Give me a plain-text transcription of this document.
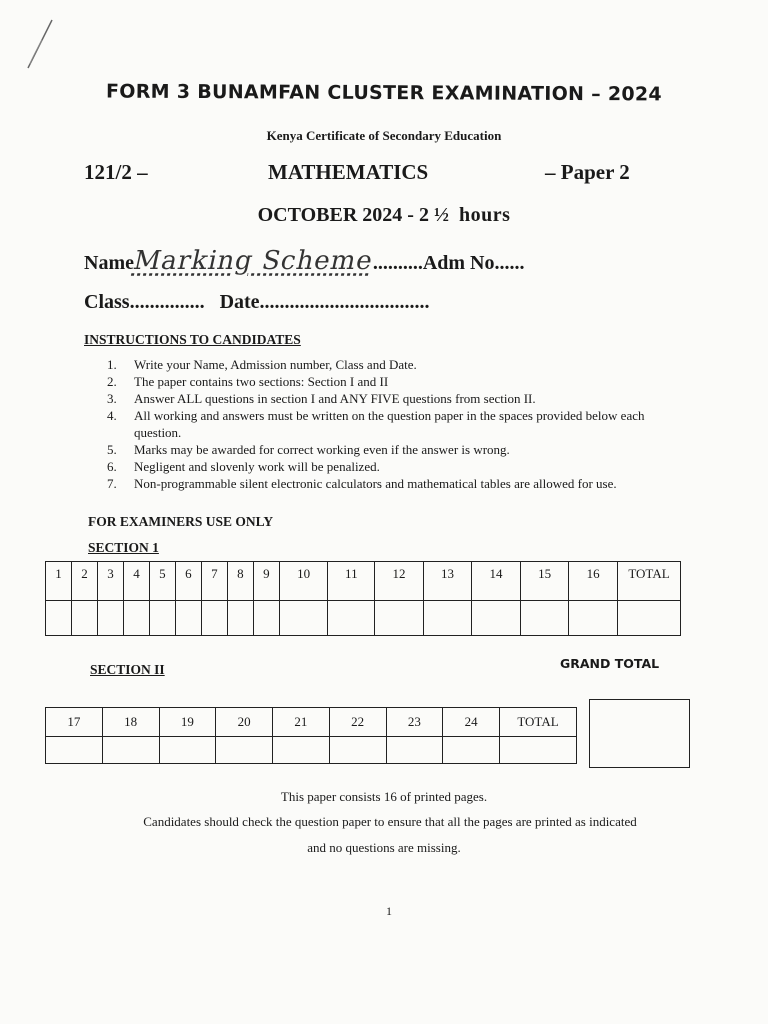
FORM 3 BUNAMFAN CLUSTER EXAMINATION – 2024
Kenya Certificate of Secondary Education
121/2 –	MATHEMATICS	– Paper 2
OCTOBER 2024 - 2 ½ hours
NameMarking Scheme..........Adm No......
Class............... Date..................................
INSTRUCTIONS TO CANDIDATES
1. Write your Name, Admission number, Class and Date.
2. The paper contains two sections: Section I and II
3. Answer ALL questions in section I and ANY FIVE questions from section II.
4. All working and answers must be written on the question paper in the spaces provided below each question.
5. Marks may be awarded for correct working even if the answer is wrong.
6. Negligent and slovenly work will be penalized.
7. Non-programmable silent electronic calculators and mathematical tables are allowed for use.
FOR EXAMINERS USE ONLY
SECTION 1
1	2	3	4	5	6	7	8	9	10	11	12	13	14	15	16	TOTAL

SECTION II	GRAND TOTAL
17	18	19	20	21	22	23	24	TOTAL

This paper consists 16 of printed pages.
Candidates should check the question paper to ensure that all the pages are printed as indicated
and no questions are missing.
1
